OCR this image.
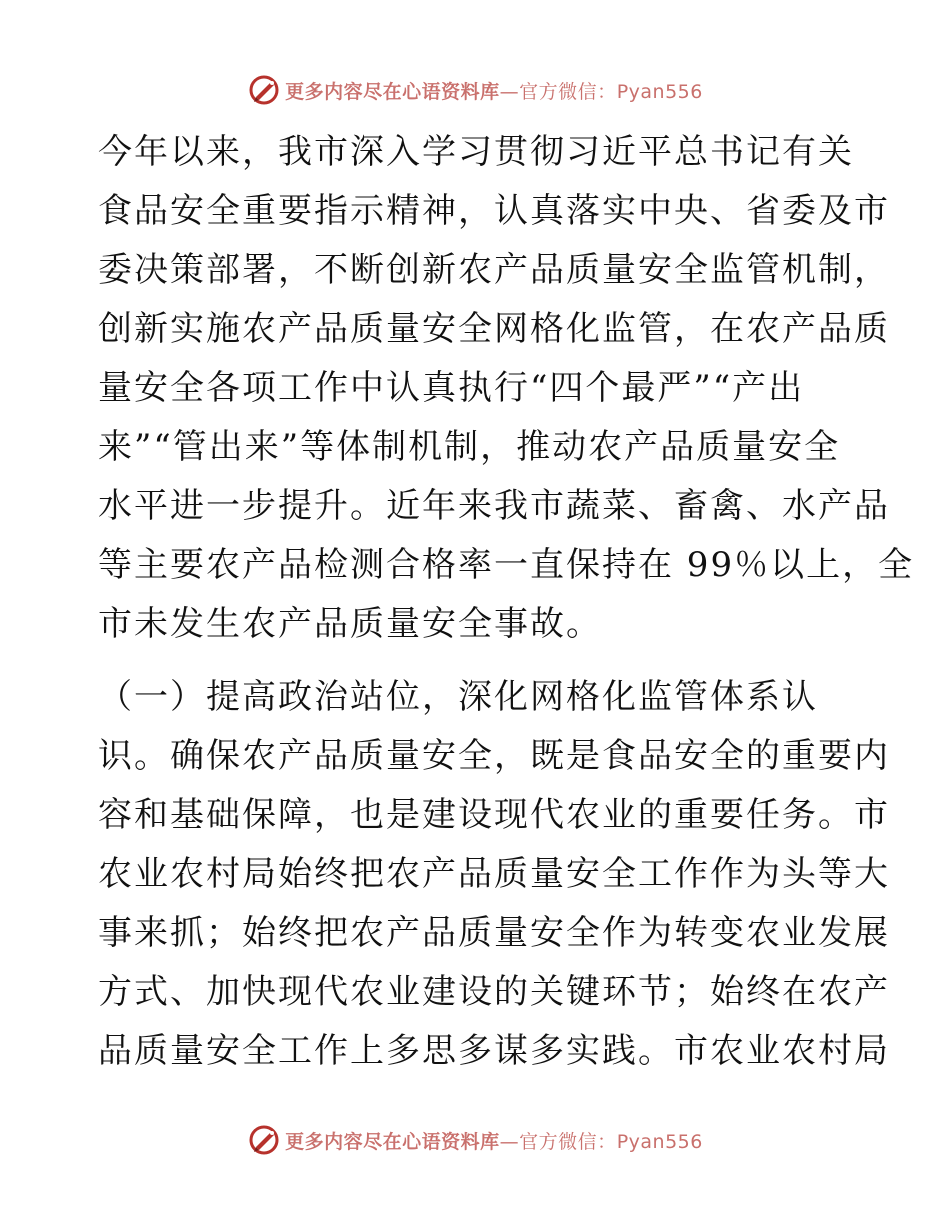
更多内容尽在心语资料库—官方微信：Pyan556
今年以来，我市深入学习贯彻习近平总书记有关
食品安全重要指示精神，认真落实中央、省委及市
委决策部署，不断创新农产品质量安全监管机制，
创新实施农产品质量安全网格化监管，在农产品质
量安全各项工作中认真执行“四个最严”“产出
来”“管出来”等体制机制，推动农产品质量安全
水平进一步提升。近年来我市蔬菜、畜禽、水产品
等主要农产品检测合格率一直保持在 99％以上，全
市未发生农产品质量安全事故。
（一）提高政治站位，深化网格化监管体系认
识。确保农产品质量安全，既是食品安全的重要内
容和基础保障，也是建设现代农业的重要任务。市
农业农村局始终把农产品质量安全工作作为头等大
事来抓；始终把农产品质量安全作为转变农业发展
方式、加快现代农业建设的关键环节；始终在农产
品质量安全工作上多思多谋多实践。市农业农村局
更多内容尽在心语资料库—官方微信：Pyan556
